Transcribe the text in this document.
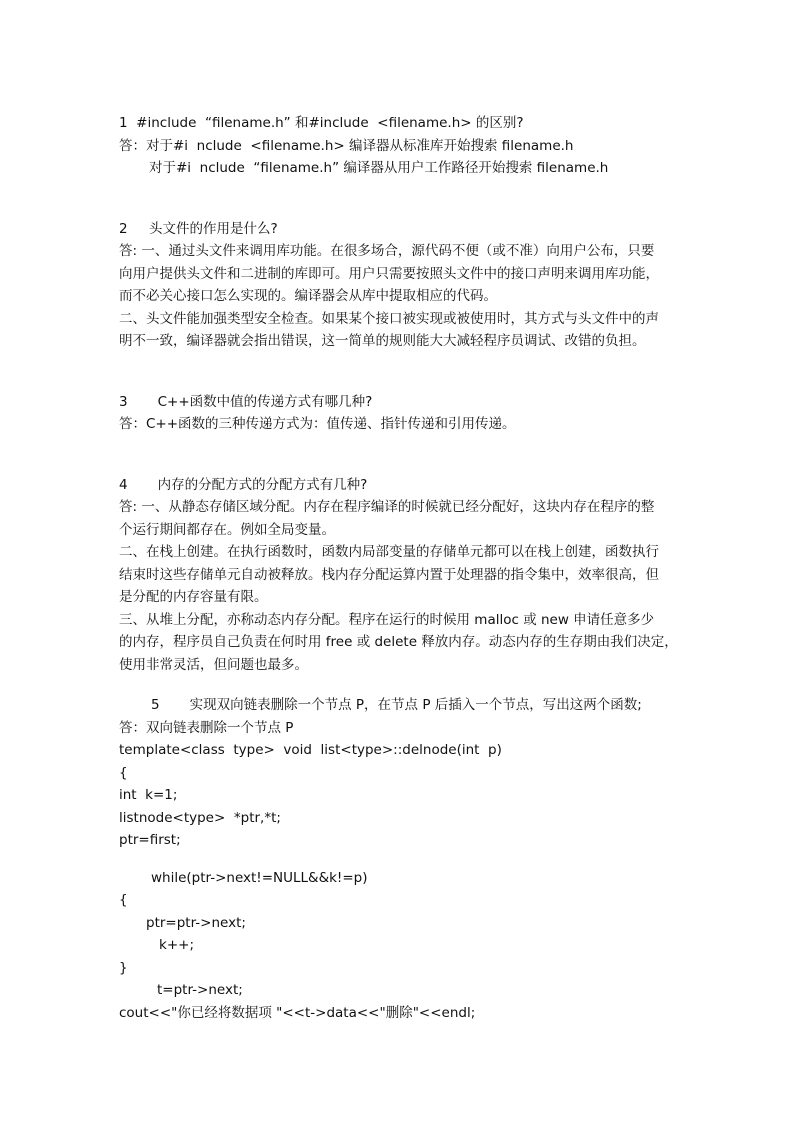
1  #include  “filename.h” 和#include  <filename.h> 的区别?
答：对于#i  nclude  <filename.h> 编译器从标准库开始搜索 filename.h
对于#i  nclude  “filename.h” 编译器从用户工作路径开始搜索 filename.h
2     头文件的作用是什么?
答: 一、通过头文件来调用库功能。在很多场合，源代码不便（或不准）向用户公布，只要
向用户提供头文件和二进制的库即可。用户只需要按照头文件中的接口声明来调用库功能，
而不必关心接口怎么实现的。编译器会从库中提取相应的代码。
二、头文件能加强类型安全检查。如果某个接口被实现或被使用时，其方式与头文件中的声
明不一致，编译器就会指出错误，这一简单的规则能大大减轻程序员调试、改错的负担。
3       C++函数中值的传递方式有哪几种?
答：C++函数的三种传递方式为：值传递、指针传递和引用传递。
4       内存的分配方式的分配方式有几种?
答: 一、从静态存储区域分配。内存在程序编译的时候就已经分配好，这块内存在程序的整
个运行期间都存在。例如全局变量。
二、在栈上创建。在执行函数时，函数内局部变量的存储单元都可以在栈上创建，函数执行
结束时这些存储单元自动被释放。栈内存分配运算内置于处理器的指令集中，效率很高，但
是分配的内存容量有限。
三、从堆上分配，亦称动态内存分配。程序在运行的时候用 malloc 或 new 申请任意多少
的内存，程序员自己负责在何时用 free 或 delete 释放内存。动态内存的生存期由我们决定，
使用非常灵活，但问题也最多。
5       实现双向链表删除一个节点 P，在节点 P 后插入一个节点，写出这两个函数;
答：双向链表删除一个节点 P
template<class  type>  void  list<type>::delnode(int  p)
{
int  k=1;
listnode<type>  *ptr,*t;
ptr=first;
while(ptr->next!=NULL&&k!=p)
{
ptr=ptr->next;
k++;
}
t=ptr->next;
cout<<"你已经将数据项 "<<t->data<<"删除"<<endl;
